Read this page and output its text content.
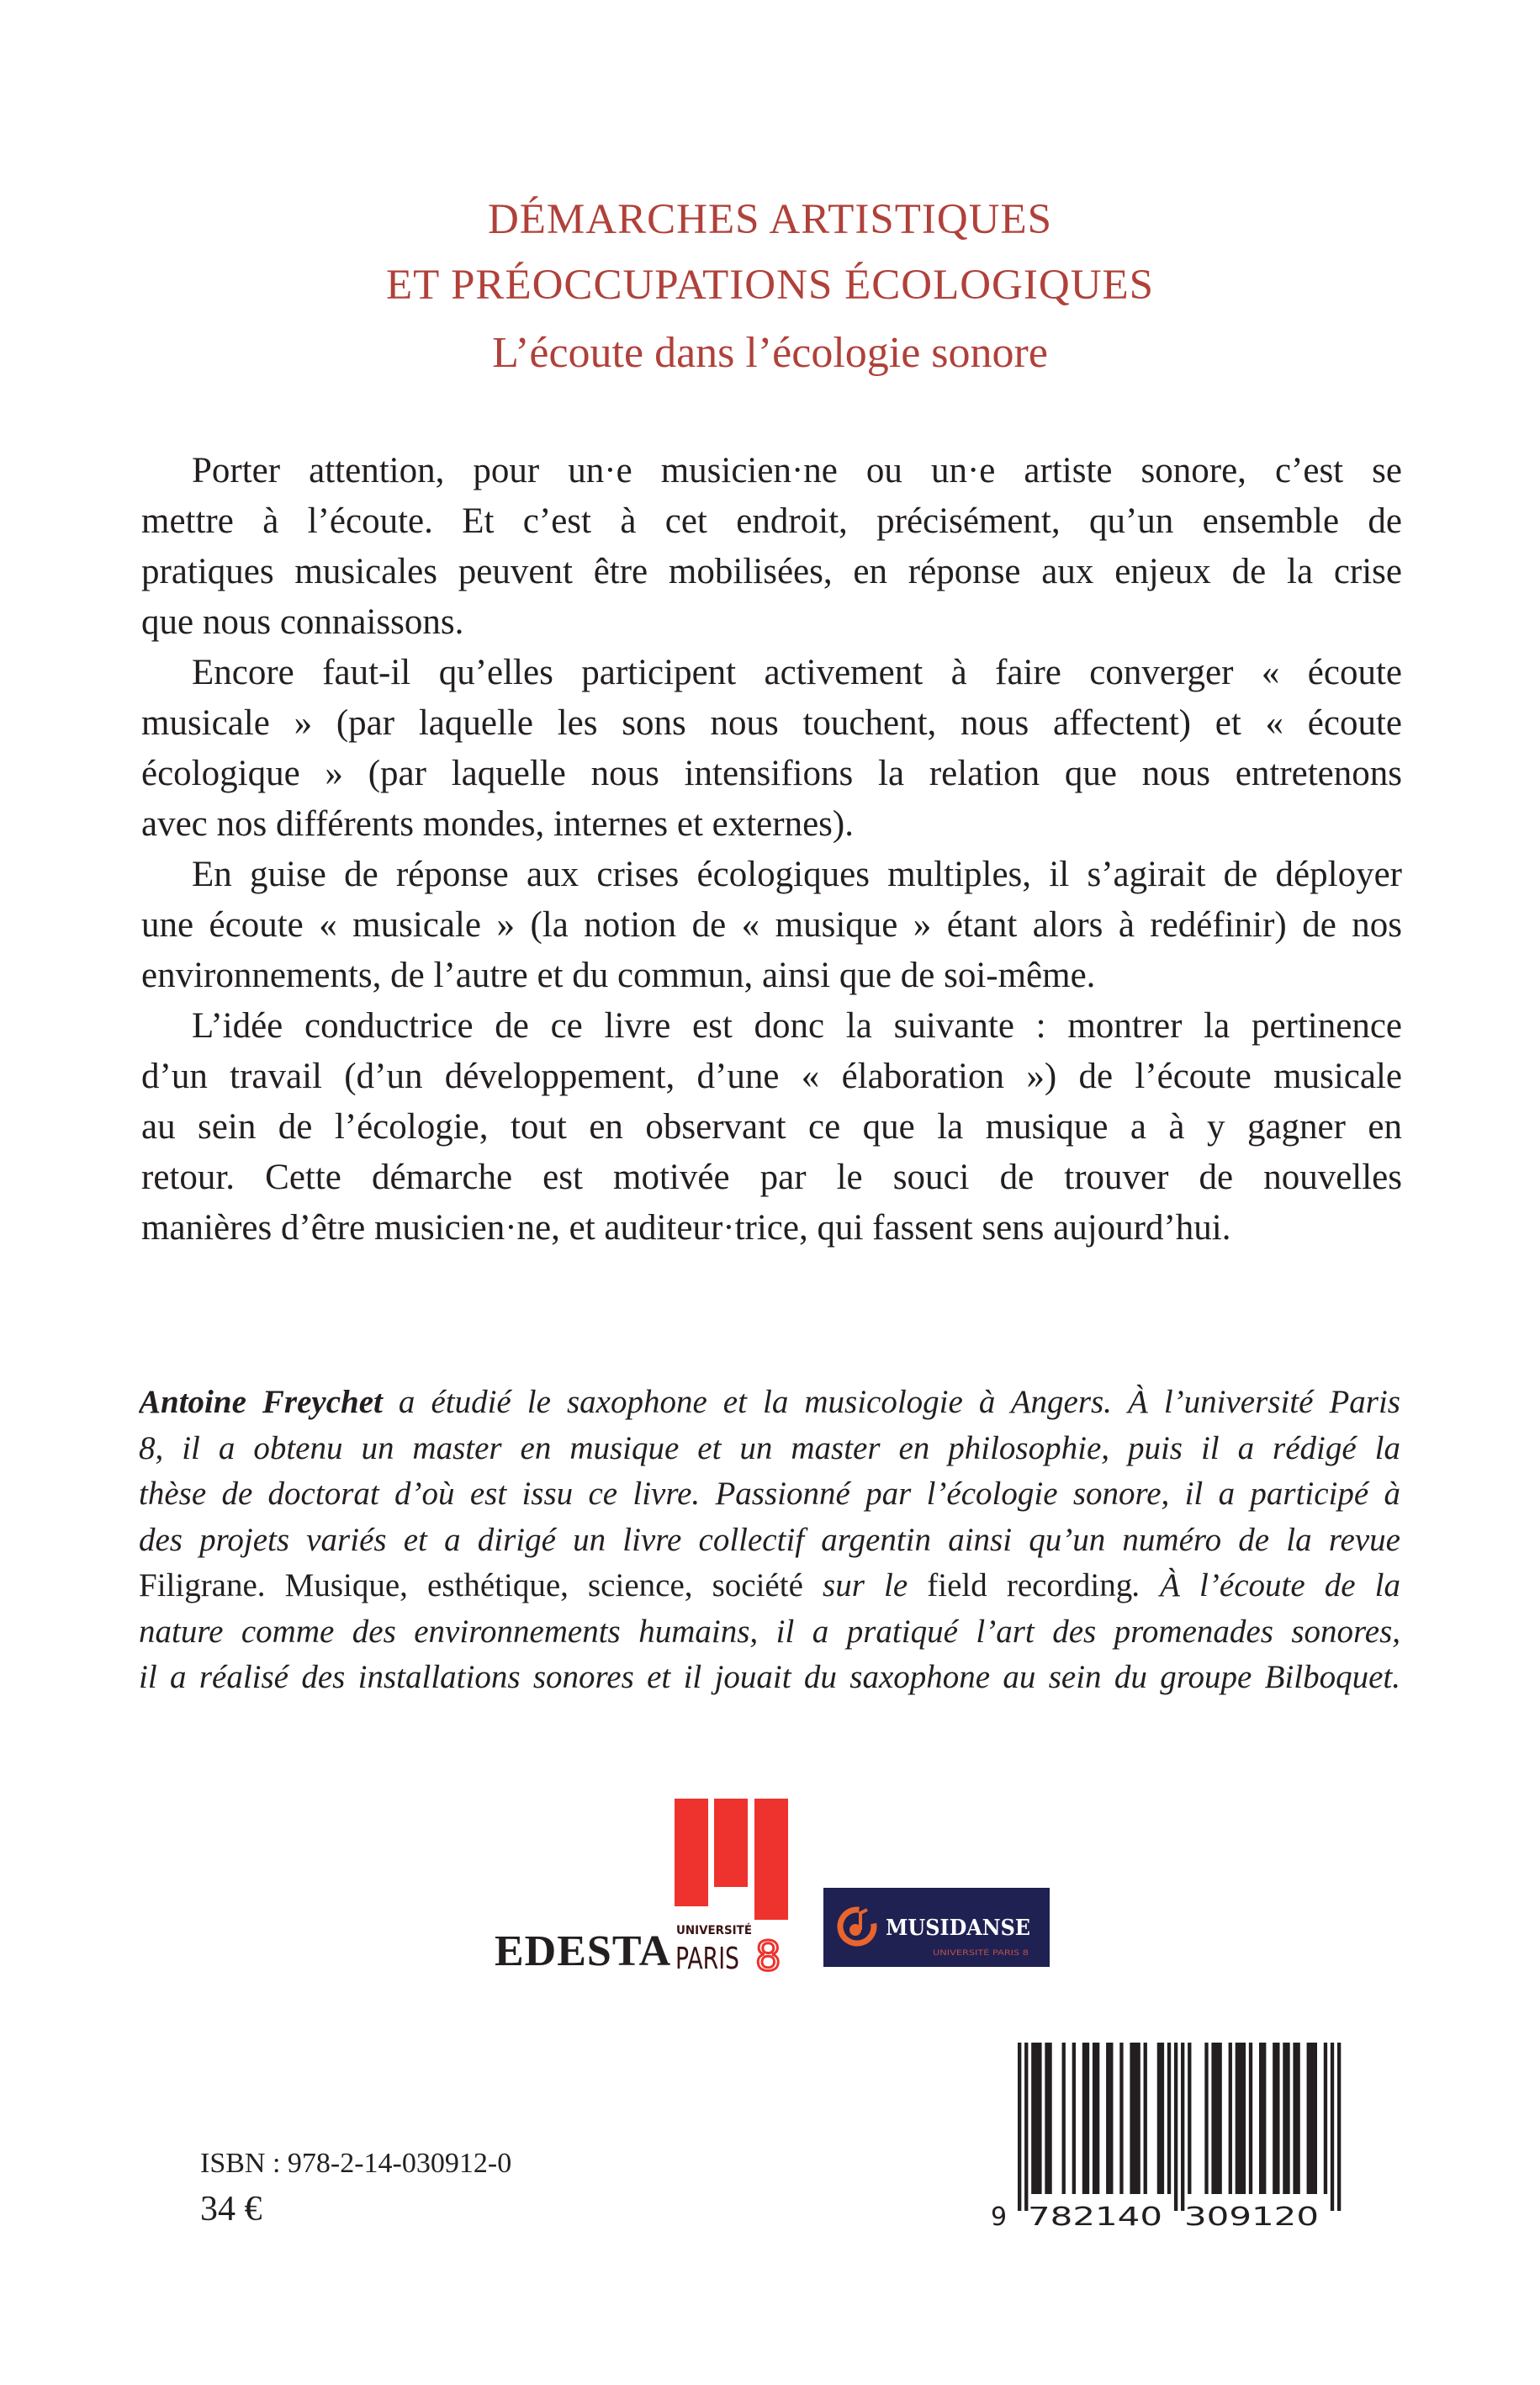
DÉMARCHES ARTISTIQUES
ET PRÉOCCUPATIONS ÉCOLOGIQUES
L’écoute dans l’écologie sonore

Porter attention, pour un·e musicien·ne ou un·e artiste sonore, c’est se
mettre à l’écoute. Et c’est à cet endroit, précisément, qu’un ensemble de
pratiques musicales peuvent être mobilisées, en réponse aux enjeux de la crise
que nous connaissons.

Encore faut-il qu’elles participent activement à faire converger « écoute
musicale » (par laquelle les sons nous touchent, nous affectent) et « écoute
écologique » (par laquelle nous intensifions la relation que nous entretenons
avec nos différents mondes, internes et externes).

En guise de réponse aux crises écologiques multiples, il s’agirait de déployer
une écoute « musicale » (la notion de « musique » étant alors à redéfinir) de nos
environnements, de l’autre et du commun, ainsi que de soi-même.

L’idée conductrice de ce livre est donc la suivante : montrer la pertinence
d’un travail (d’un développement, d’une « élaboration ») de l’écoute musicale
au sein de l’écologie, tout en observant ce que la musique a à y gagner en
retour. Cette démarche est motivée par le souci de trouver de nouvelles
manières d’être musicien·ne, et auditeur·trice, qui fassent sens aujourd’hui.

Antoine Freychet a étudié le saxophone et la musicologie à Angers. À l’université Paris
8, il a obtenu un master en musique et un master en philosophie, puis il a rédigé la
thèse de doctorat d’où est issu ce livre. Passionné par l’écologie sonore, il a participé à
des projets variés et a dirigé un livre collectif argentin ainsi qu’un numéro de la revue
Filigrane. Musique, esthétique, science, société sur le field recording. À l’écoute de la
nature comme des environnements humains, il a pratiqué l’art des promenades sonores,
il a réalisé des installations sonores et il jouait du saxophone au sein du groupe Bilboquet.
EDESTA UNIVERSITÉ
PARIS 8
MUSIDANSE
UNIVERSITÉ PARIS 8
ISBN : 978-2-14-030912-0
34 €	9 782140 309120
